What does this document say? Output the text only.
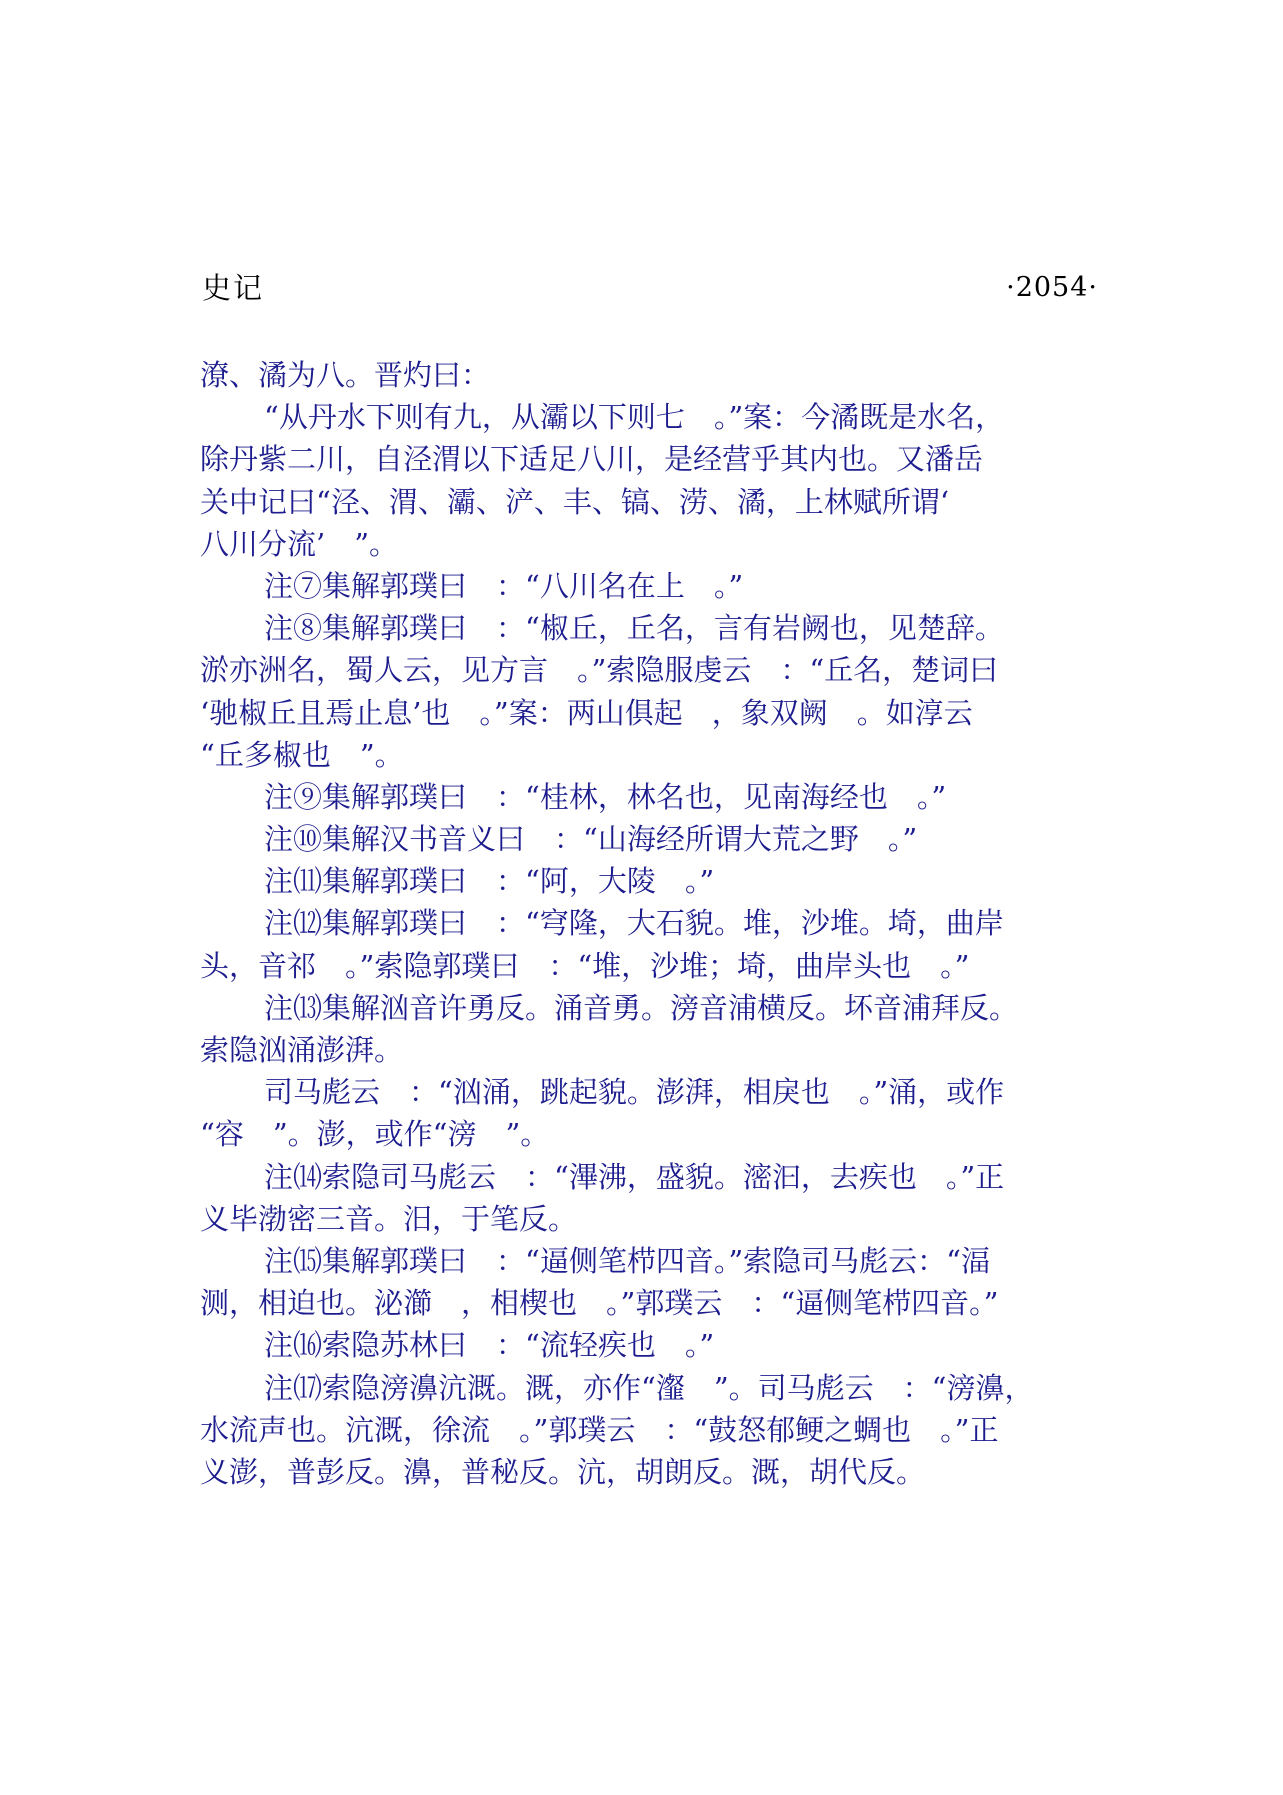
史记	·2054·
潦、潏为八。晋灼曰：
“从丹水下则有九，从灞以下则七　。”案：今潏既是水名，
除丹紫二川，自泾渭以下适足八川，是经营乎其内也。又潘岳
关中记曰“泾、渭、灞、浐、丰、镐、涝、潏，上林赋所谓‘
八川分流’　”。
注⑦集解郭璞曰　：“八川名在上　。”
注⑧集解郭璞曰　：“椒丘，丘名，言有岩阙也，见楚辞。
淤亦洲名，蜀人云，见方言　。”索隐服虔云　：“丘名，楚词曰
‘驰椒丘且焉止息’也　。”案：两山俱起　，象双阙　。如淳云
“丘多椒也　”。
注⑨集解郭璞曰　：“桂林，林名也，见南海经也　。”
注⑩集解汉书音义曰　：“山海经所谓大荒之野　。”
注⑾集解郭璞曰　：“阿，大陵　。”
注⑿集解郭璞曰　：“穹隆，大石貌。堆，沙堆。埼，曲岸
头，音祁　。”索隐郭璞曰　：“堆，沙堆；埼，曲岸头也　。”
注⒀集解汹音许勇反。涌音勇。滂音浦横反。坏音浦拜反。
索隐汹涌澎湃。
司马彪云　：“汹涌，跳起貌。澎湃，相戾也　。”涌，或作
“容　”。澎，或作“滂　”。
注⒁索隐司马彪云　：“滭沸，盛貌。滵汩，去疾也　。”正
义毕渤密三音。汨，于笔反。
注⒂集解郭璞曰　：“逼侧笔栉四音。”索隐司马彪云：“湢
测，相迫也。泌瀄　，相楔也　。”郭璞云　：“逼侧笔栉四音。”
注⒃索隐苏林曰　：“流轻疾也　。”
注⒄索隐滂濞沆溉。溉，亦作“瀣　”。司马彪云　：“滂濞，
水流声也。沆溉，徐流　。”郭璞云　：“鼓怒郁鲠之蜩也　。”正
义澎，普彭反。濞，普秘反。沆，胡朗反。溉，胡代反。
